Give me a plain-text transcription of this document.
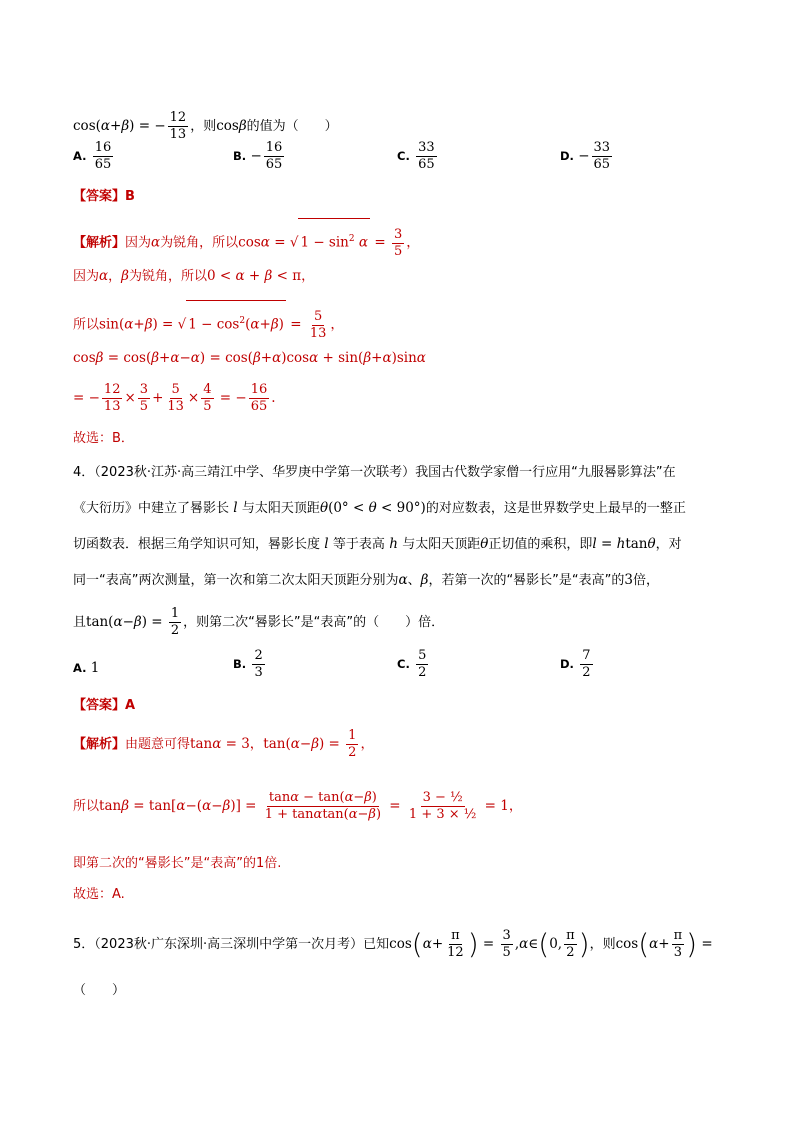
cos(α+β) = − $\frac{12}{13}$ ，则cosβ的值为（　　）
A. $\frac{16}{65}$	B. − $\frac{16}{65}$	C. $\frac{33}{65}$	D. − $\frac{33}{65}$
【答案】B
【解析】因为α为锐角，所以cosα = √ $1 - \sin^2 \alpha = \frac{3}{5}$ ，
因为α，β为锐角，所以0 < α + β < π，
所以sin(α+β) = √ $1 - \cos^2(\alpha+\beta) = \frac{5}{13}$ ，
cosβ = cos(β+α−α) = cos(β+α)cosα + sin(β+α)sinα
= − $\frac{12}{13} \times \frac{3}{5} + \frac{5}{13} \times \frac{4}{5}$ = − $\frac{16}{65}$ .
故选：B．
4．（2023秋·江苏·高三靖江中学、华罗庚中学第一次联考）我国古代数学家僧一行应用“九服晷影算法”在
《大衍历》中建立了晷影长 l 与太阳天顶距θ(0° < θ < 90°)的对应数表，这是世界数学史上最早的一整正
切函数表．根据三角学知识可知，晷影长度 l 等于表高 h 与太阳天顶距θ正切值的乘积，即l = htanθ，对
同一“表高”两次测量，第一次和第二次太阳天顶距分别为α、β，若第一次的“晷影长”是“表高”的3倍，
且$\tan(\alpha-\beta) = \frac{1}{2}$ ，则第二次“晷影长”是“表高”的（　　）倍．
A. 1	B. $\frac{2}{3}$	C. $\frac{5}{2}$	D. $\frac{7}{2}$
【答案】A
【解析】由题意可得tanα = 3，$\tan(\alpha-\beta) = \frac{1}{2}$ ，
所以$\tan\beta = \tan[\alpha-(\alpha-\beta)] = \frac{\tan\alpha - \tan(\alpha-\beta)}{1 + \tan\alpha\tan(\alpha-\beta)} = \frac{\text{3 − ½}}{\text{1 + 3 × ½}} = 1$，
即第二次的“晷影长”是“表高”的1倍.
故选：A.
5．（2023秋·广东深圳·高三深圳中学第一次月考）已知$\cos(\alpha+ \frac{\pi}{12}$ ) = $\frac{3}{5}$ ,α∈(0, $\frac{\pi}{2}$ )，则$\cos(\alpha+ \frac{\pi}{3}$ ) =
（　　）
